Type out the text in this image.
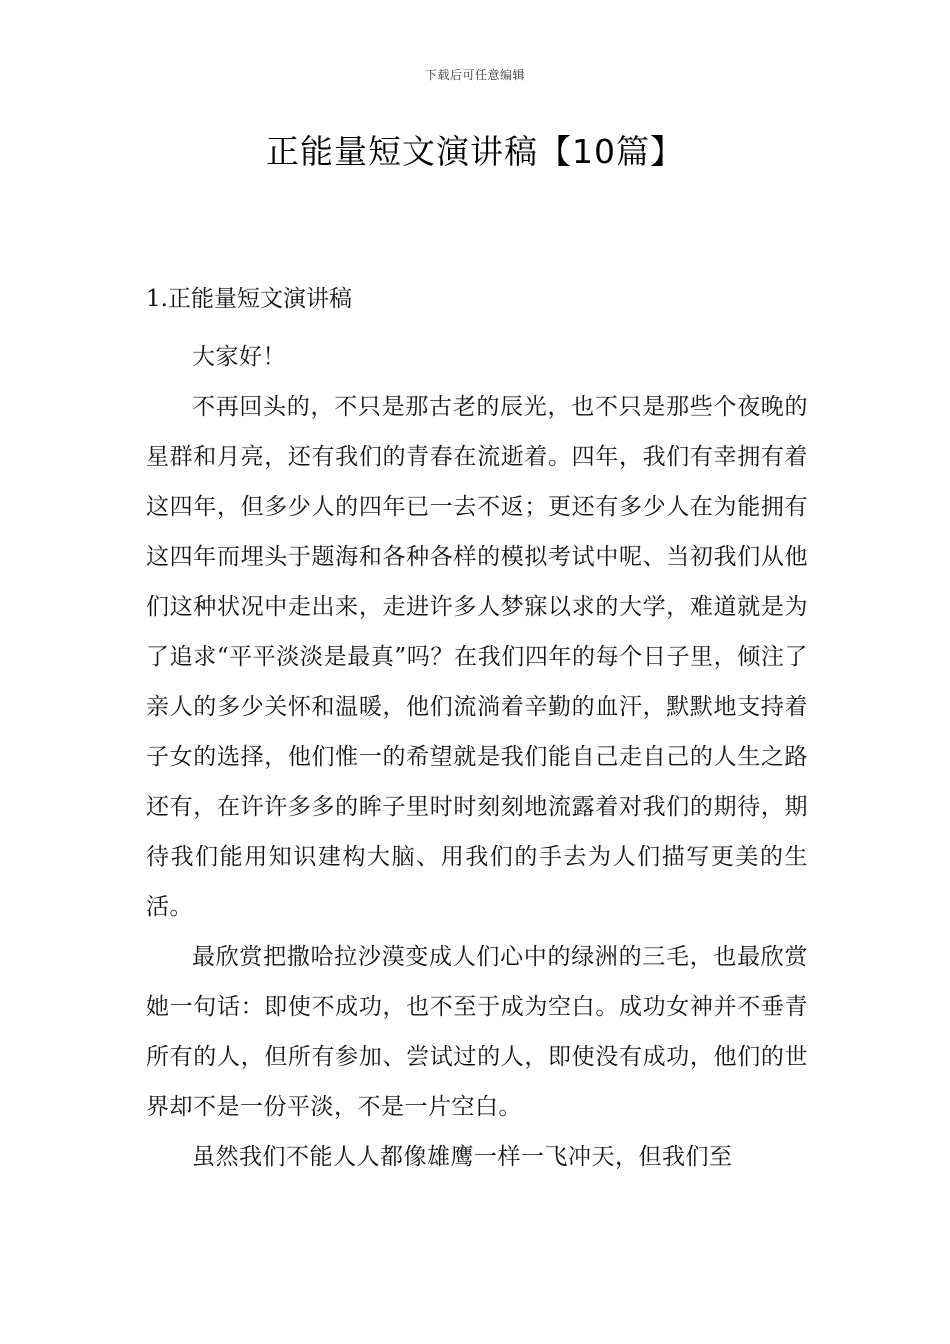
下载后可任意编辑
正能量短文演讲稿【10篇】

1.正能量短文演讲稿

大家好！

不再回头的，不只是那古老的辰光，也不只是那些个夜晚的星群和月亮，还有我们的青春在流逝着。四年，我们有幸拥有着这四年，但多少人的四年已一去不返；更还有多少人在为能拥有这四年而埋头于题海和各种各样的模拟考试中呢、当初我们从他们这种状况中走出来，走进许多人梦寐以求的大学，难道就是为了追求“平平淡淡是最真”吗？在我们四年的每个日子里，倾注了亲人的多少关怀和温暖，他们流淌着辛勤的血汗，默默地支持着子女的选择，他们惟一的希望就是我们能自己走自己的人生之路还有，在许许多多的眸子里时时刻刻地流露着对我们的期待，期待我们能用知识建构大脑、用我们的手去为人们描写更美的生活。

最欣赏把撒哈拉沙漠变成人们心中的绿洲的三毛，也最欣赏她一句话：即使不成功，也不至于成为空白。成功女神并不垂青所有的人，但所有参加、尝试过的人，即使没有成功，他们的世界却不是一份平淡，不是一片空白。

虽然我们不能人人都像雄鹰一样一飞冲天，但我们至
